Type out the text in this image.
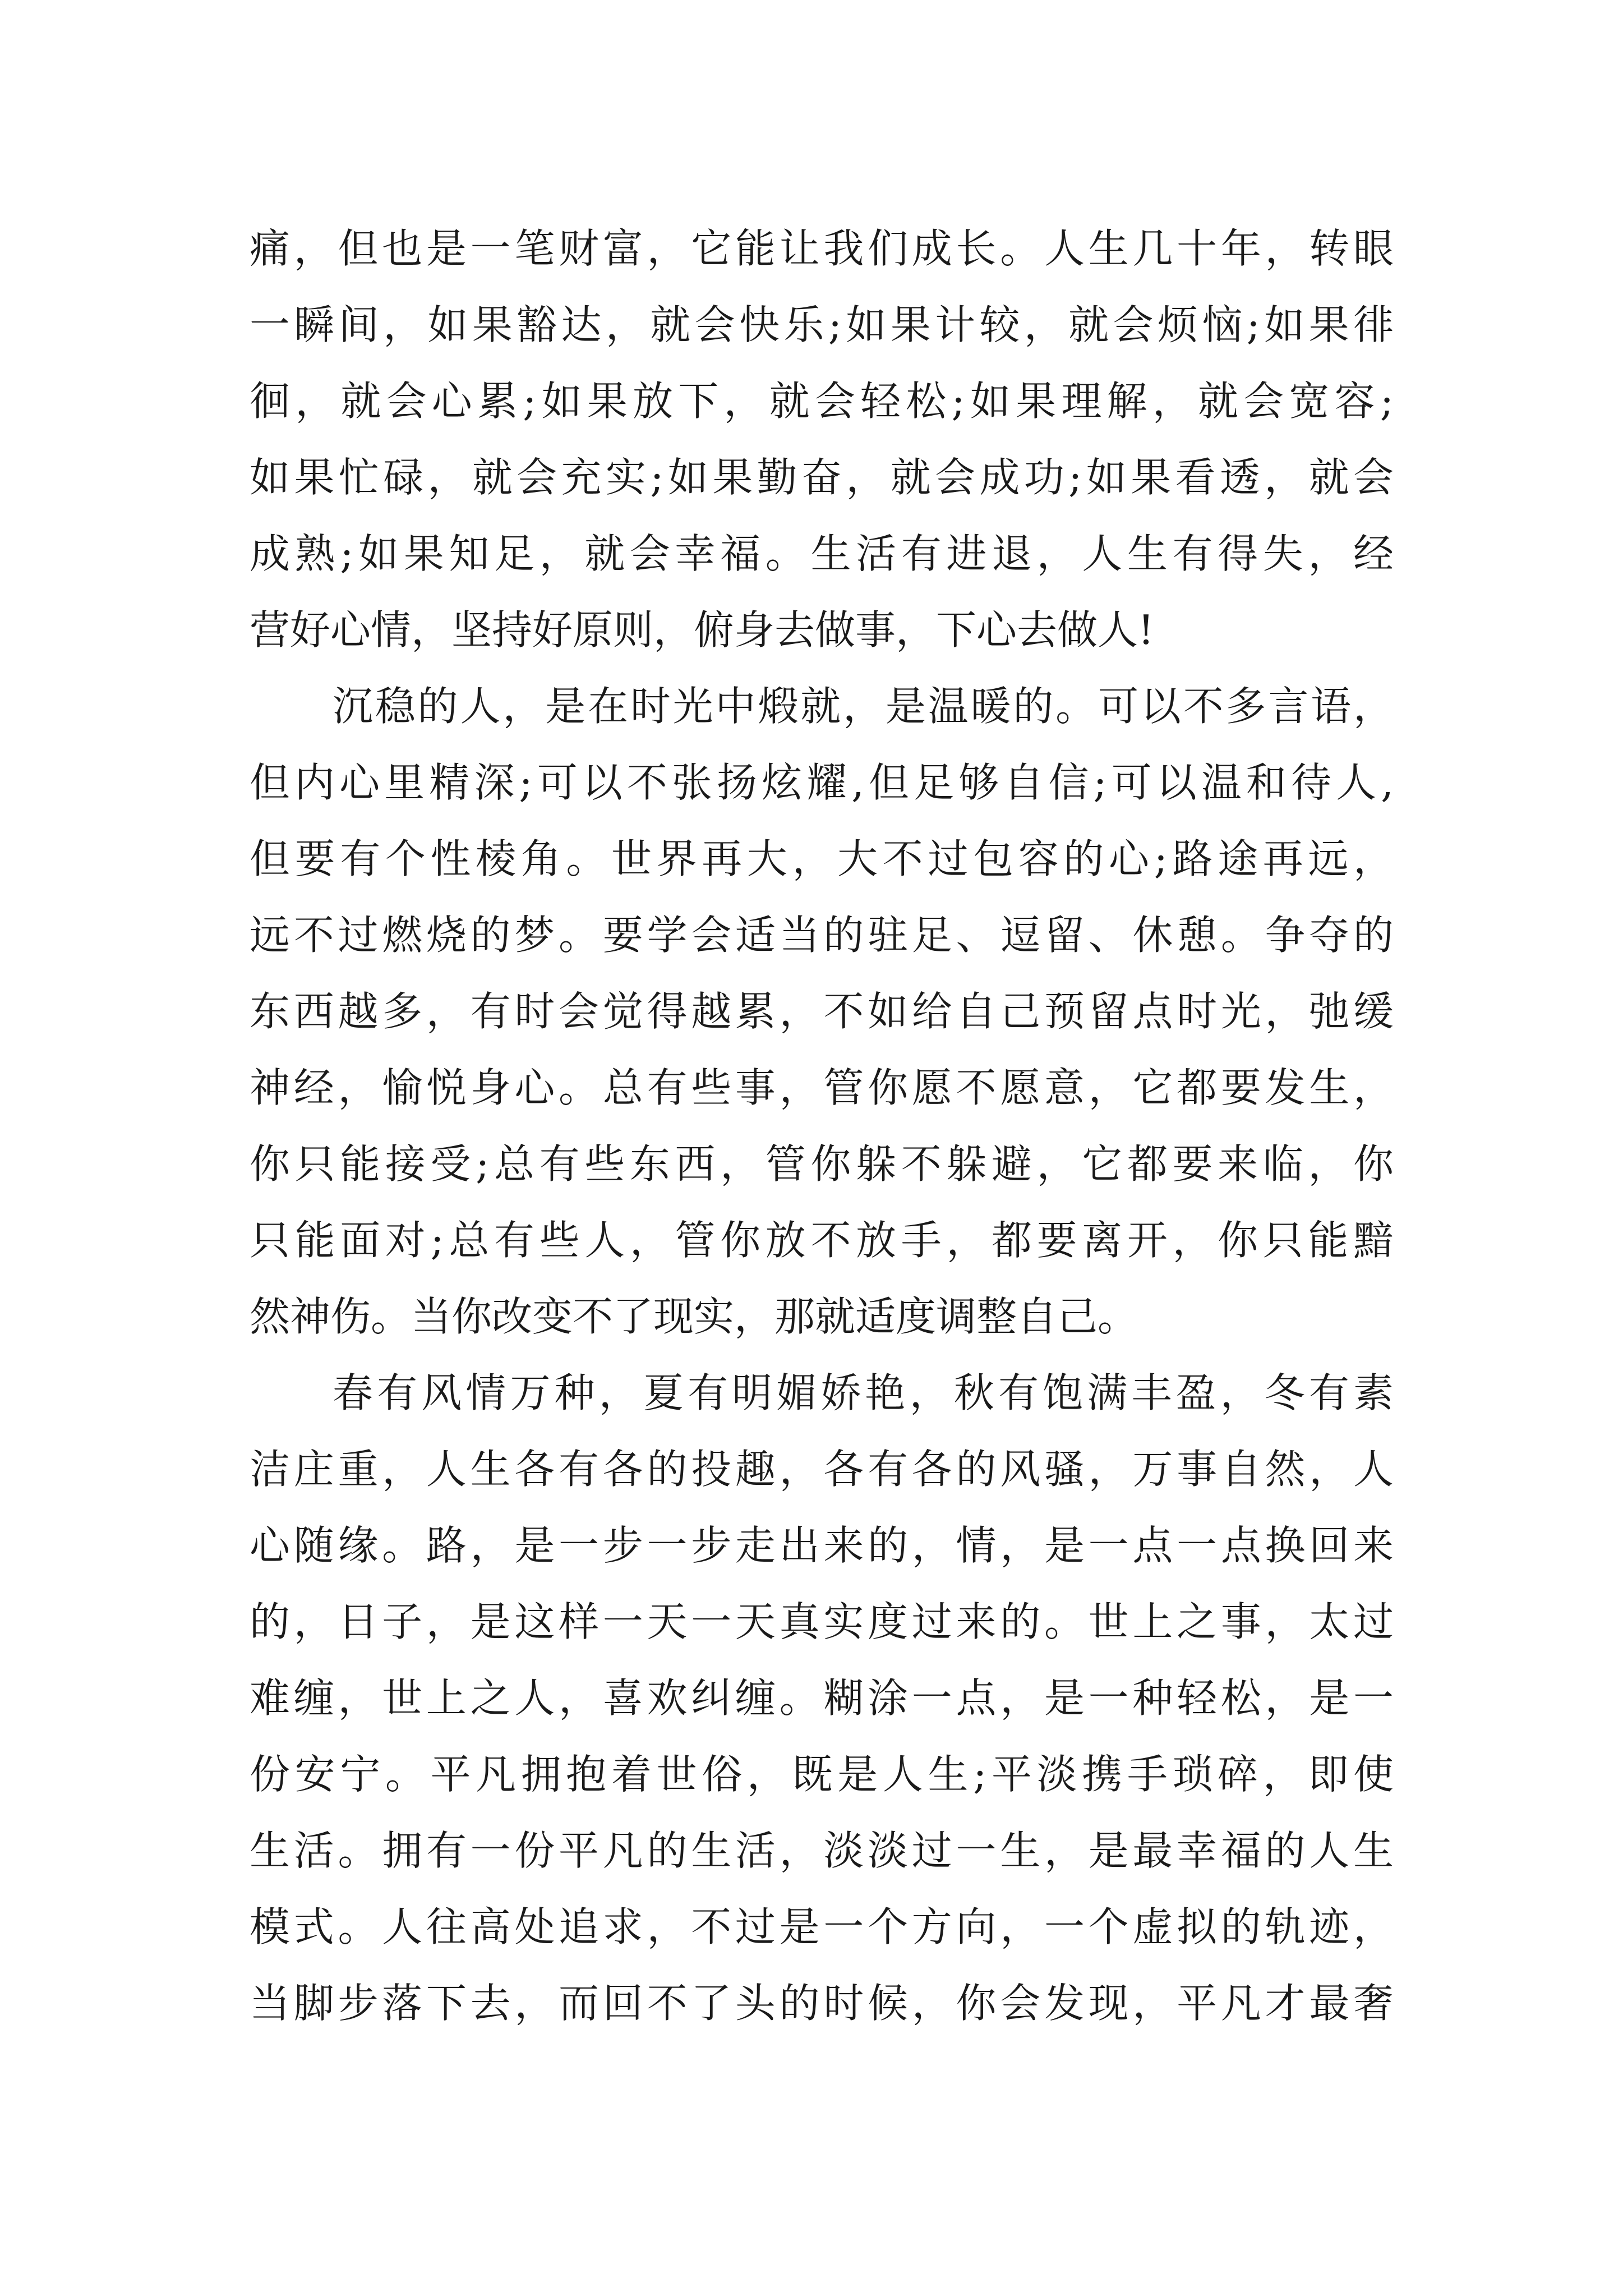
痛，但也是一笔财富，它能让我们成长。人生几十年，转眼
一瞬间，如果豁达，就会快乐;如果计较，就会烦恼;如果徘
徊，就会心累;如果放下，就会轻松;如果理解，就会宽容;
如果忙碌，就会充实;如果勤奋，就会成功;如果看透，就会
成熟;如果知足，就会幸福。生活有进退，人生有得失，经
营好心情，坚持好原则，俯身去做事，下心去做人!
沉稳的人，是在时光中煅就，是温暖的。可以不多言语，
但内心里精深;可以不张扬炫耀,但足够自信;可以温和待人,
但要有个性棱角。世界再大，大不过包容的心;路途再远，
远不过燃烧的梦。要学会适当的驻足、逗留、休憩。争夺的
东西越多，有时会觉得越累，不如给自己预留点时光，弛缓
神经，愉悦身心。总有些事，管你愿不愿意，它都要发生，
你只能接受;总有些东西，管你躲不躲避，它都要来临，你
只能面对;总有些人，管你放不放手，都要离开，你只能黯
然神伤。当你改变不了现实，那就适度调整自己。
春有风情万种，夏有明媚娇艳，秋有饱满丰盈，冬有素
洁庄重，人生各有各的投趣，各有各的风骚，万事自然，人
心随缘。路，是一步一步走出来的，情，是一点一点换回来
的，日子，是这样一天一天真实度过来的。世上之事，太过
难缠，世上之人，喜欢纠缠。糊涂一点，是一种轻松，是一
份安宁。平凡拥抱着世俗，既是人生;平淡携手琐碎，即使
生活。拥有一份平凡的生活，淡淡过一生，是最幸福的人生
模式。人往高处追求，不过是一个方向，一个虚拟的轨迹，
当脚步落下去，而回不了头的时候，你会发现，平凡才最奢
